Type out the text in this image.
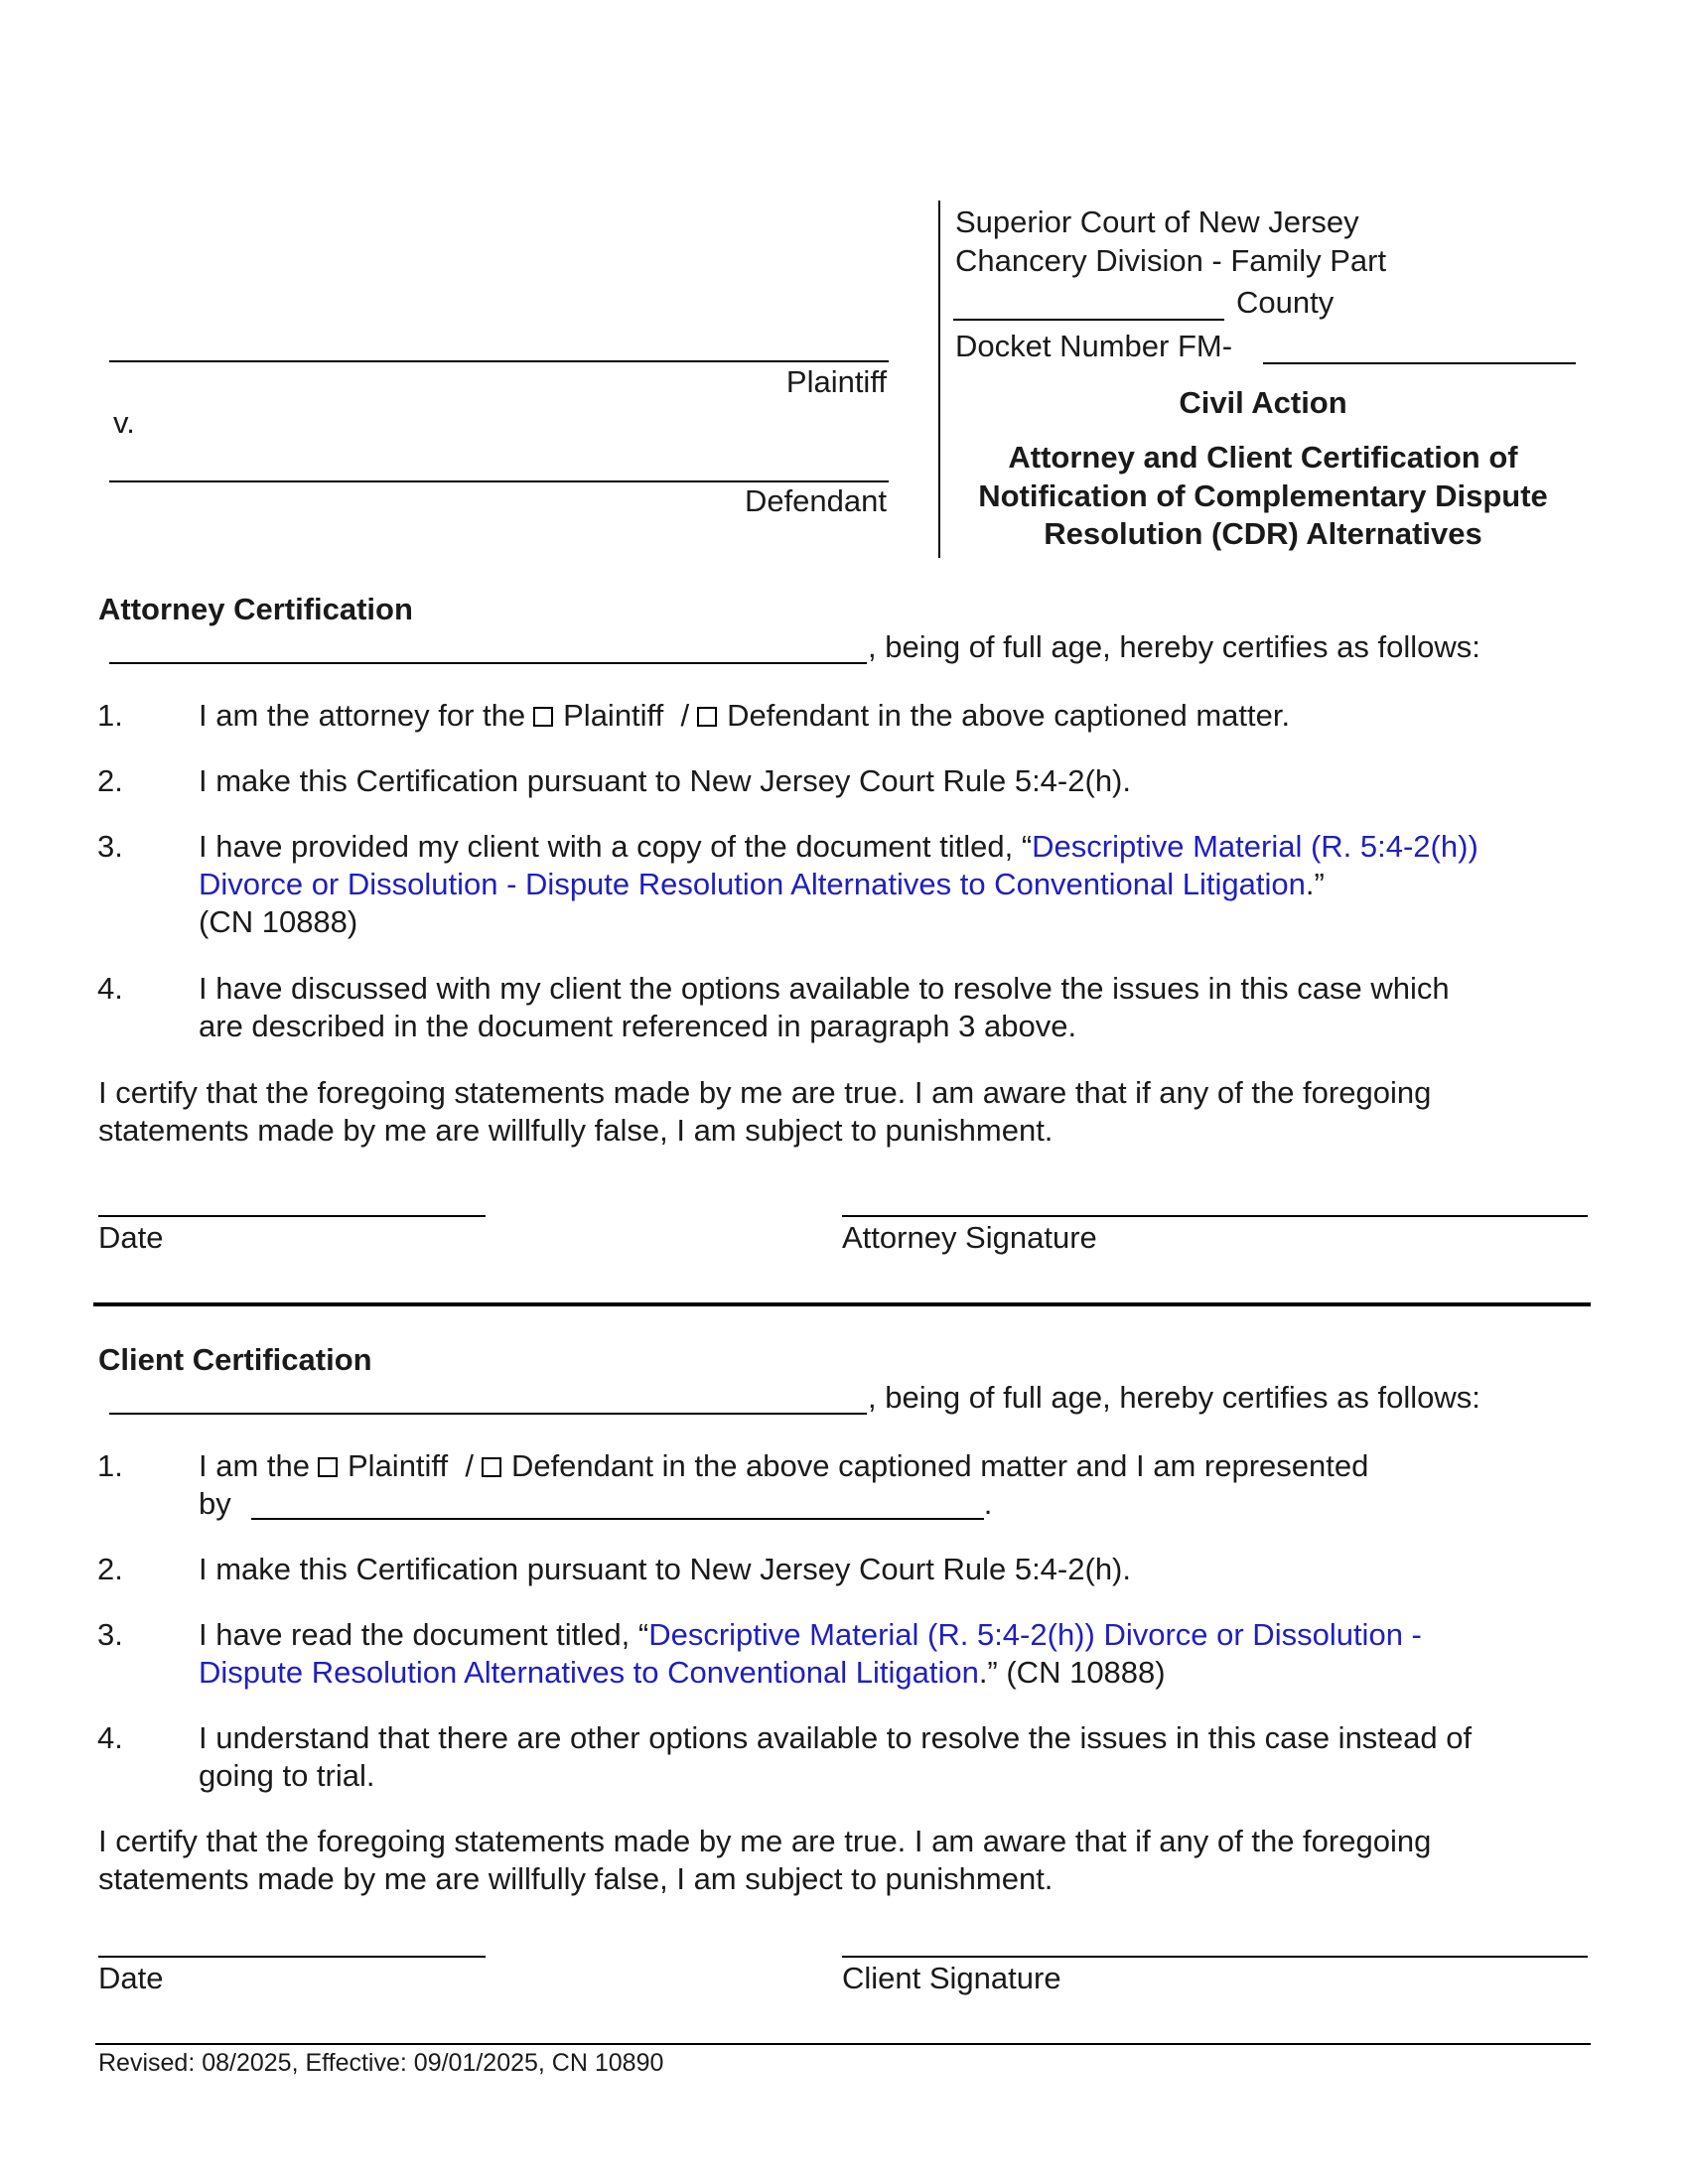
Plaintiff
v.
Defendant
Superior Court of New Jersey
Chancery Division - Family Part
County
Docket Number FM-
Civil Action
Attorney and Client Certification of
Notification of Complementary Dispute
Resolution (CDR) Alternatives
Attorney Certification
, being of full age, hereby certifies as follows:
1. I am the attorney for the Plaintiff  / Defendant in the above captioned matter.
2. I make this Certification pursuant to New Jersey Court Rule 5:4-2(h).
3. I have provided my client with a copy of the document titled, “Descriptive Material (R. 5:4-2(h))
Divorce or Dissolution - Dispute Resolution Alternatives to Conventional Litigation.”
(CN 10888)
4. I have discussed with my client the options available to resolve the issues in this case which
are described in the document referenced in paragraph 3 above.
I certify that the foregoing statements made by me are true. I am aware that if any of the foregoing
statements made by me are willfully false, I am subject to punishment.
Date	Attorney Signature
Client Certification
, being of full age, hereby certifies as follows:
1. I am the Plaintiff  / Defendant in the above captioned matter and I am represented
by	.
2. I make this Certification pursuant to New Jersey Court Rule 5:4-2(h).
3. I have read the document titled, “Descriptive Material (R. 5:4-2(h)) Divorce or Dissolution -
Dispute Resolution Alternatives to Conventional Litigation.” (CN 10888)
4. I understand that there are other options available to resolve the issues in this case instead of
going to trial.
I certify that the foregoing statements made by me are true. I am aware that if any of the foregoing
statements made by me are willfully false, I am subject to punishment.
Date	Client Signature
Revised: 08/2025, Effective: 09/01/2025, CN 10890
